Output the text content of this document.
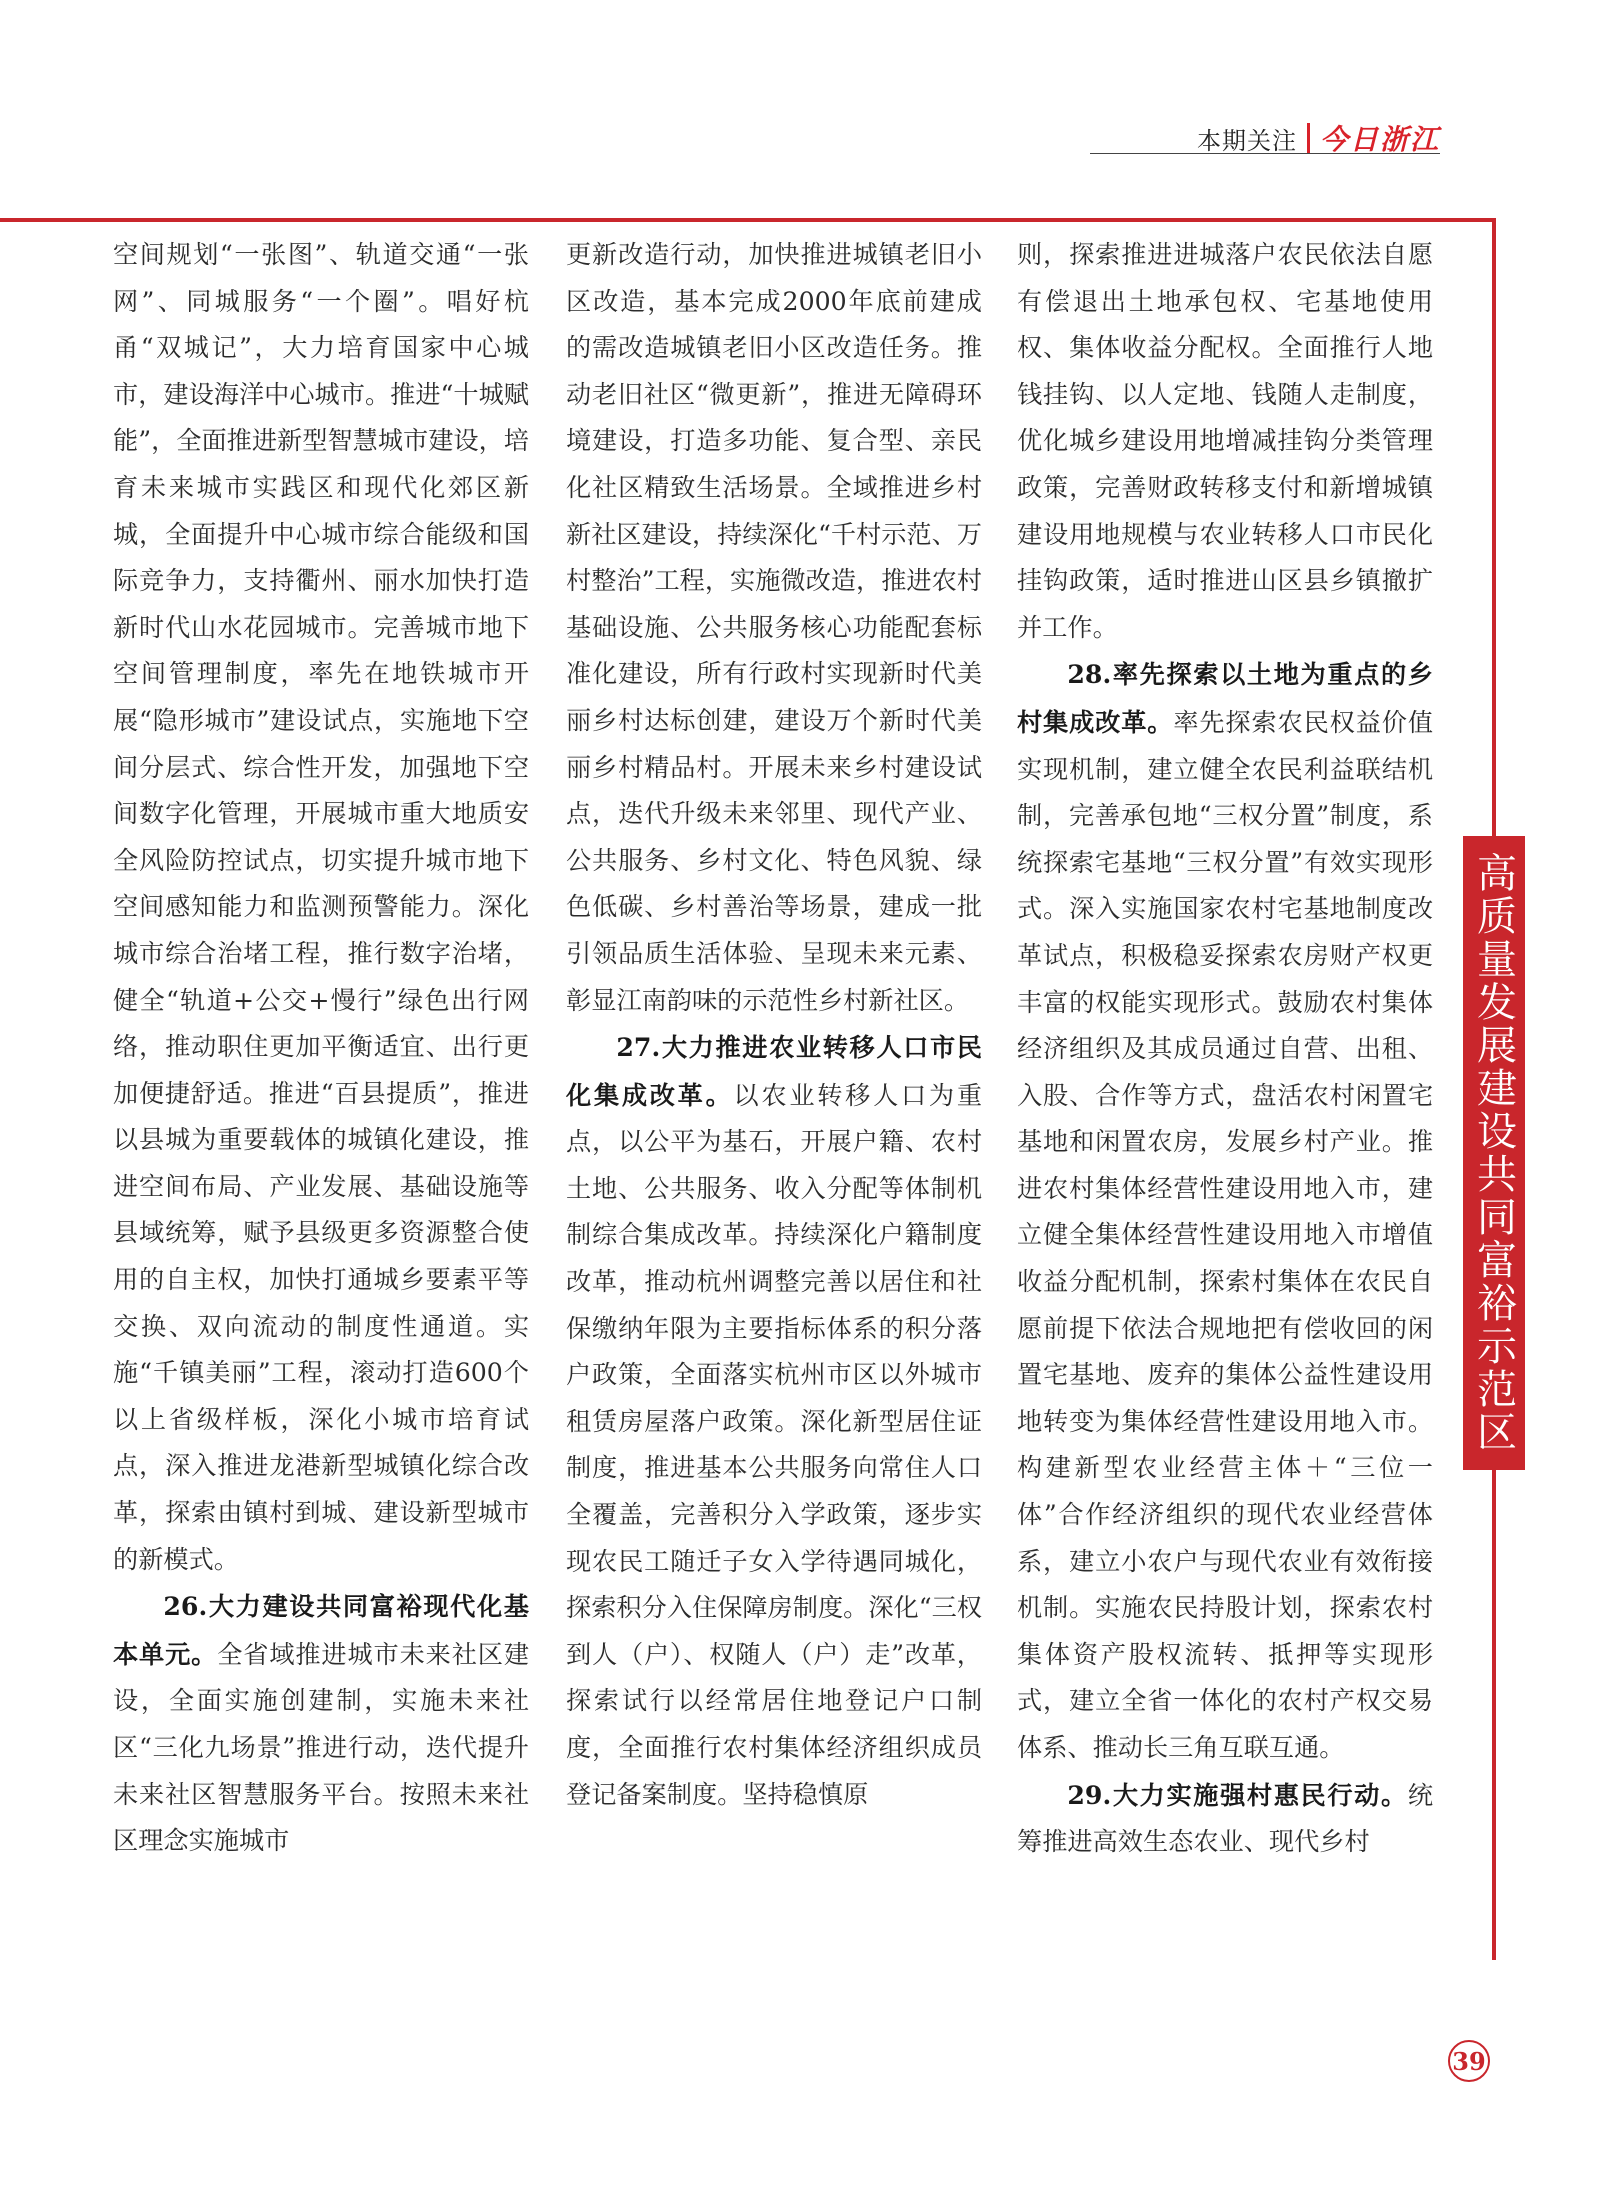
本期关注 今日浙江
高质量发展建设共同富裕示范区

空间规划“一张图”、轨道交通“一张网”、同城服务“一个圈”。唱好杭甬“双城记”，大力培育国家中心城市，建设海洋中心城市。推进“十城赋能”，全面推进新型智慧城市建设，培育未来城市实践区和现代化郊区新城，全面提升中心城市综合能级和国际竞争力，支持衢州、丽水加快打造新时代山水花园城市。完善城市地下空间管理制度，率先在地铁城市开展“隐形城市”建设试点，实施地下空间分层式、综合性开发，加强地下空间数字化管理，开展城市重大地质安全风险防控试点，切实提升城市地下空间感知能力和监测预警能力。深化城市综合治堵工程，推行数字治堵，健全“轨道+公交+慢行”绿色出行网络，推动职住更加平衡适宜、出行更加便捷舒适。推进“百县提质”，推进以县城为重要载体的城镇化建设，推进空间布局、产业发展、基础设施等县域统筹，赋予县级更多资源整合使用的自主权，加快打通城乡要素平等交换、双向流动的制度性通道。实施“千镇美丽”工程，滚动打造600个以上省级样板，深化小城市培育试点，深入推进龙港新型城镇化综合改革，探索由镇村到城、建设新型城市的新模式。

26.大力建设共同富裕现代化基本单元。全省域推进城市未来社区建设，全面实施创建制，实施未来社区“三化九场景”推进行动，迭代提升未来社区智慧服务平台。按照未来社区理念实施城市

更新改造行动，加快推进城镇老旧小区改造，基本完成2000年底前建成的需改造城镇老旧小区改造任务。推动老旧社区“微更新”，推进无障碍环境建设，打造多功能、复合型、亲民化社区精致生活场景。全域推进乡村新社区建设，持续深化“千村示范、万村整治”工程，实施微改造，推进农村基础设施、公共服务核心功能配套标准化建设，所有行政村实现新时代美丽乡村达标创建，建设万个新时代美丽乡村精品村。开展未来乡村建设试点，迭代升级未来邻里、现代产业、公共服务、乡村文化、特色风貌、绿色低碳、乡村善治等场景，建成一批引领品质生活体验、呈现未来元素、彰显江南韵味的示范性乡村新社区。

27.大力推进农业转移人口市民化集成改革。以农业转移人口为重点，以公平为基石，开展户籍、农村土地、公共服务、收入分配等体制机制综合集成改革。持续深化户籍制度改革，推动杭州调整完善以居住和社保缴纳年限为主要指标体系的积分落户政策，全面落实杭州市区以外城市租赁房屋落户政策。深化新型居住证制度，推进基本公共服务向常住人口全覆盖，完善积分入学政策，逐步实现农民工随迁子女入学待遇同城化，探索积分入住保障房制度。深化“三权到人（户）、权随人（户）走”改革，探索试行以经常居住地登记户口制度，全面推行农村集体经济组织成员登记备案制度。坚持稳慎原

则，探索推进进城落户农民依法自愿有偿退出土地承包权、宅基地使用权、集体收益分配权。全面推行人地钱挂钩、以人定地、钱随人走制度，优化城乡建设用地增减挂钩分类管理政策，完善财政转移支付和新增城镇建设用地规模与农业转移人口市民化挂钩政策，适时推进山区县乡镇撤扩并工作。

28.率先探索以土地为重点的乡村集成改革。率先探索农民权益价值实现机制，建立健全农民利益联结机制，完善承包地“三权分置”制度，系统探索宅基地“三权分置”有效实现形式。深入实施国家农村宅基地制度改革试点，积极稳妥探索农房财产权更丰富的权能实现形式。鼓励农村集体经济组织及其成员通过自营、出租、入股、合作等方式，盘活农村闲置宅基地和闲置农房，发展乡村产业。推进农村集体经营性建设用地入市，建立健全集体经营性建设用地入市增值收益分配机制，探索村集体在农民自愿前提下依法合规地把有偿收回的闲置宅基地、废弃的集体公益性建设用地转变为集体经营性建设用地入市。构建新型农业经营主体＋“三位一体”合作经济组织的现代农业经营体系，建立小农户与现代农业有效衔接机制。实施农民持股计划，探索农村集体资产股权流转、抵押等实现形式，建立全省一体化的农村产权交易体系、推动长三角互联互通。

29.大力实施强村惠民行动。统筹推进高效生态农业、现代乡村

39
